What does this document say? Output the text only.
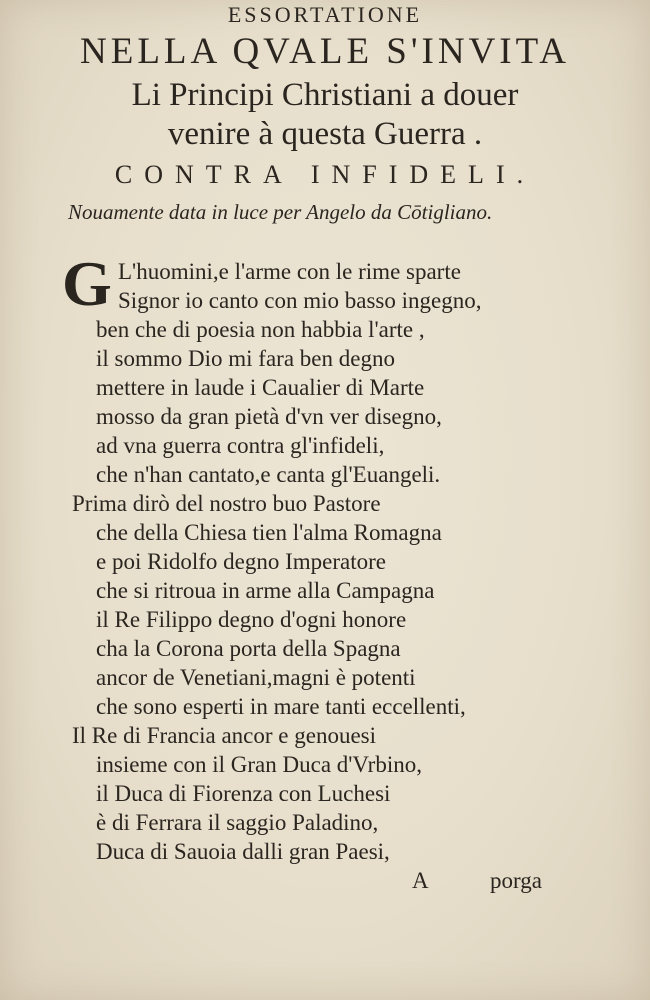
ESSORTATIONE
NELLA QVALE S'INVITA
Li Principi Christiani a douer
venire à questa Guerra .
CONTRA INFIDELI.
Nouamente data in luce per Angelo da Cōtigliano.
G L'huomini,e l'arme con le rime sparte
Signor io canto con mio basso ingegno,
ben che di poesia non habbia l'arte ,
il sommo Dio mi fara ben degno
mettere in laude i Caualier di Marte
mosso da gran pietà d'vn ver disegno,
ad vna guerra contra gl'infideli,
che n'han cantato,e canta gl'Euangeli.
Prima dirò del nostro buo Pastore
che della Chiesa tien l'alma Romagna
e poi Ridolfo degno Imperatore
che si ritroua in arme alla Campagna
il Re Filippo degno d'ogni honore
cha la Corona porta della Spagna
ancor de Venetiani,magni è potenti
che sono esperti in mare tanti eccellenti,
Il Re di Francia ancor e genouesi
insieme con il Gran Duca d'Vrbino,
il Duca di Fiorenza con Luchesi
è di Ferrara il saggio Paladino,
Duca di Sauoia dalli gran Paesi,
A	porga
